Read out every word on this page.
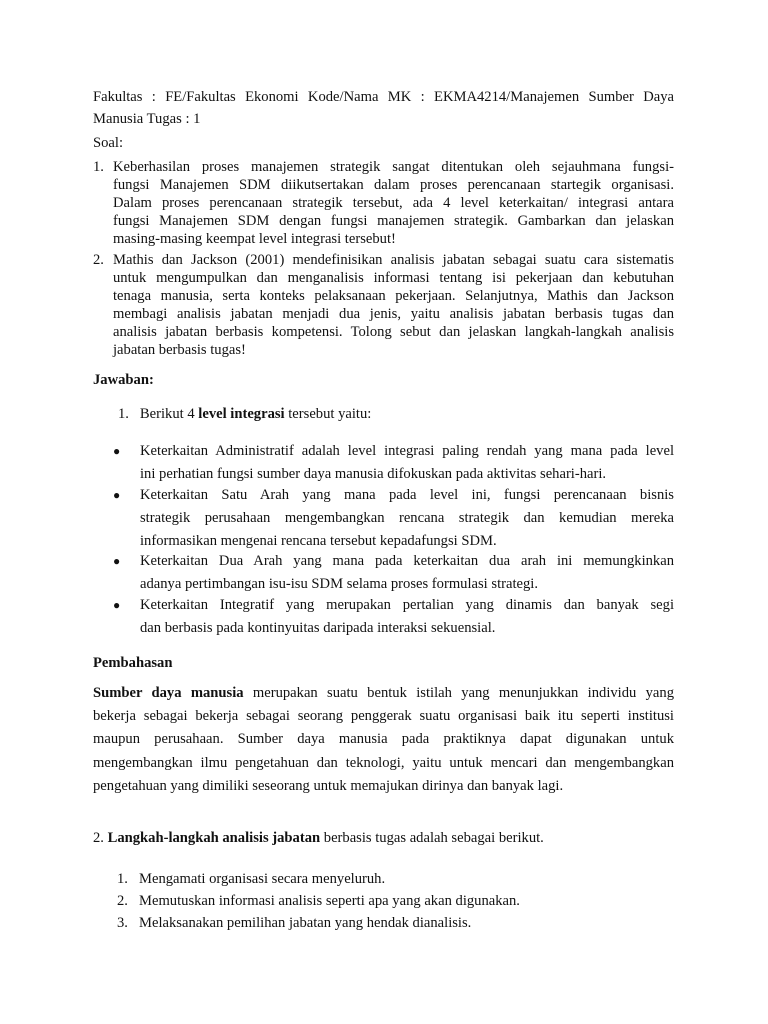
Fakultas : FE/Fakultas Ekonomi Kode/Nama MK : EKMA4214/Manajemen Sumber Daya
Manusia Tugas : 1
Soal:
1. Keberhasilan proses manajemen strategik sangat ditentukan oleh sejauhmana fungsi-
fungsi Manajemen SDM diikutsertakan dalam proses perencanaan startegik organisasi.
Dalam proses perencanaan strategik tersebut, ada 4 level keterkaitan/ integrasi antara
fungsi Manajemen SDM dengan fungsi manajemen strategik. Gambarkan dan jelaskan
masing-masing keempat level integrasi tersebut!
2. Mathis dan Jackson (2001) mendefinisikan analisis jabatan sebagai suatu cara sistematis
untuk mengumpulkan dan menganalisis informasi tentang isi pekerjaan dan kebutuhan
tenaga manusia, serta konteks pelaksanaan pekerjaan. Selanjutnya, Mathis dan Jackson
membagi analisis jabatan menjadi dua jenis, yaitu analisis jabatan berbasis tugas dan
analisis jabatan berbasis kompetensi. Tolong sebut dan jelaskan langkah-langkah analisis
jabatan berbasis tugas!
Jawaban:
1. Berikut 4 level integrasi tersebut yaitu:
● Keterkaitan Administratif adalah level integrasi paling rendah yang mana pada level
ini perhatian fungsi sumber daya manusia difokuskan pada aktivitas sehari-hari.
● Keterkaitan Satu Arah yang mana pada level ini, fungsi perencanaan bisnis
strategik perusahaan mengembangkan rencana strategik dan kemudian mereka
informasikan mengenai rencana tersebut kepadafungsi SDM.
● Keterkaitan Dua Arah yang mana pada keterkaitan dua arah ini memungkinkan
adanya pertimbangan isu-isu SDM selama proses formulasi strategi.
● Keterkaitan Integratif yang merupakan pertalian yang dinamis dan banyak segi
dan berbasis pada kontinyuitas daripada interaksi sekuensial.
Pembahasan
Sumber daya manusia merupakan suatu bentuk istilah yang menunjukkan individu yang
bekerja sebagai bekerja sebagai seorang penggerak suatu organisasi baik itu seperti institusi
maupun perusahaan. Sumber daya manusia pada praktiknya dapat digunakan untuk
mengembangkan ilmu pengetahuan dan teknologi, yaitu untuk mencari dan mengembangkan
pengetahuan yang dimiliki seseorang untuk memajukan dirinya dan banyak lagi.
2. Langkah-langkah analisis jabatan berbasis tugas adalah sebagai berikut.
1. Mengamati organisasi secara menyeluruh.
2. Memutuskan informasi analisis seperti apa yang akan digunakan.
3. Melaksanakan pemilihan jabatan yang hendak dianalisis.
